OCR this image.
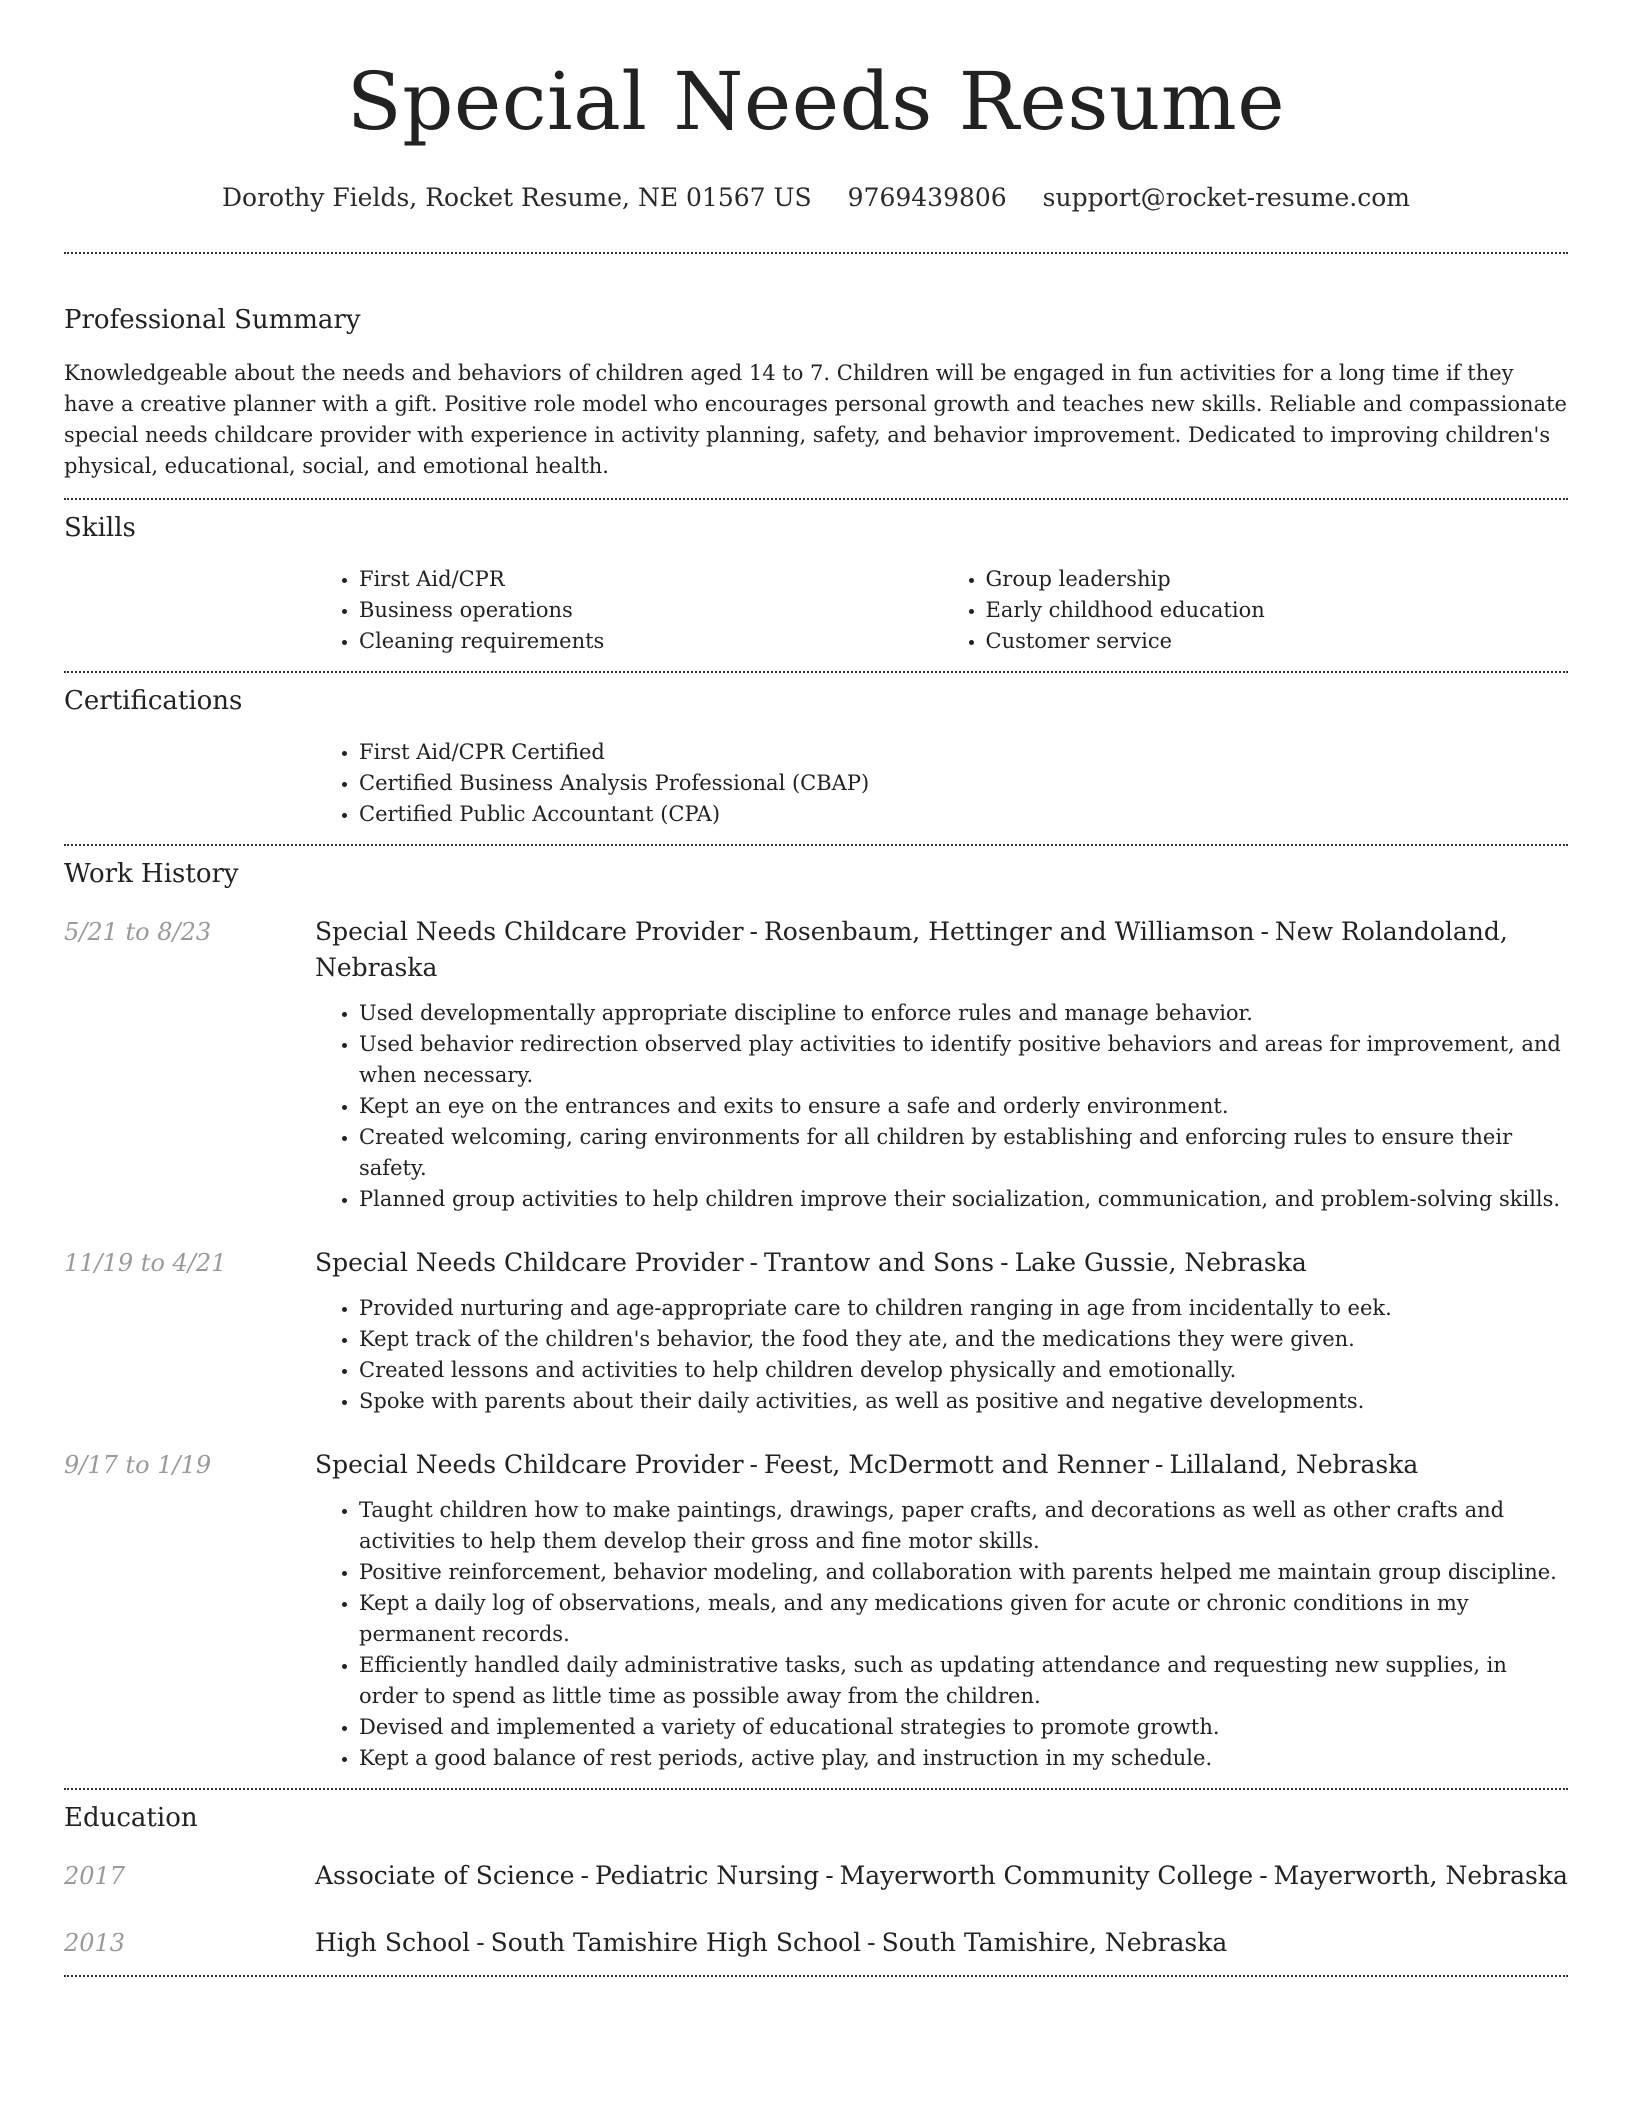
Special Needs Resume
Dorothy Fields, Rocket Resume, NE 01567 US 9769439806 support@rocket-resume.com
Professional Summary

Knowledgeable about the needs and behaviors of children aged 14 to 7. Children will be engaged in fun activities for a long time if they have a creative planner with a gift. Positive role model who encourages personal growth and teaches new skills. Reliable and compassionate special needs childcare provider with experience in activity planning, safety, and behavior improvement. Dedicated to improving children's physical, educational, social, and emotional health.

Skills
• First Aid/CPR
• Business operations
• Cleaning requirements
• Group leadership
• Early childhood education
• Customer service
Certifications
• First Aid/CPR Certified
• Certified Business Analysis Professional (CBAP)
• Certified Public Accountant (CPA)
Work History
5/21 to 8/23	Special Needs Childcare Provider - Rosenbaum, Hettinger and Williamson - New Rolandoland, Nebraska
• Used developmentally appropriate discipline to enforce rules and manage behavior.
• Used behavior redirection observed play activities to identify positive behaviors and areas for improvement, and when necessary.
• Kept an eye on the entrances and exits to ensure a safe and orderly environment.
• Created welcoming, caring environments for all children by establishing and enforcing rules to ensure their safety.
• Planned group activities to help children improve their socialization, communication, and problem-solving skills.
11/19 to 4/21	Special Needs Childcare Provider - Trantow and Sons - Lake Gussie, Nebraska
• Provided nurturing and age-appropriate care to children ranging in age from incidentally to eek.
• Kept track of the children's behavior, the food they ate, and the medications they were given.
• Created lessons and activities to help children develop physically and emotionally.
• Spoke with parents about their daily activities, as well as positive and negative developments.
9/17 to 1/19	Special Needs Childcare Provider - Feest, McDermott and Renner - Lillaland, Nebraska
• Taught children how to make paintings, drawings, paper crafts, and decorations as well as other crafts and activities to help them develop their gross and fine motor skills.
• Positive reinforcement, behavior modeling, and collaboration with parents helped me maintain group discipline.
• Kept a daily log of observations, meals, and any medications given for acute or chronic conditions in my permanent records.
• Efficiently handled daily administrative tasks, such as updating attendance and requesting new supplies, in order to spend as little time as possible away from the children.
• Devised and implemented a variety of educational strategies to promote growth.
• Kept a good balance of rest periods, active play, and instruction in my schedule.
Education
2017	Associate of Science - Pediatric Nursing - Mayerworth Community College - Mayerworth, Nebraska
2013	High School - South Tamishire High School - South Tamishire, Nebraska
